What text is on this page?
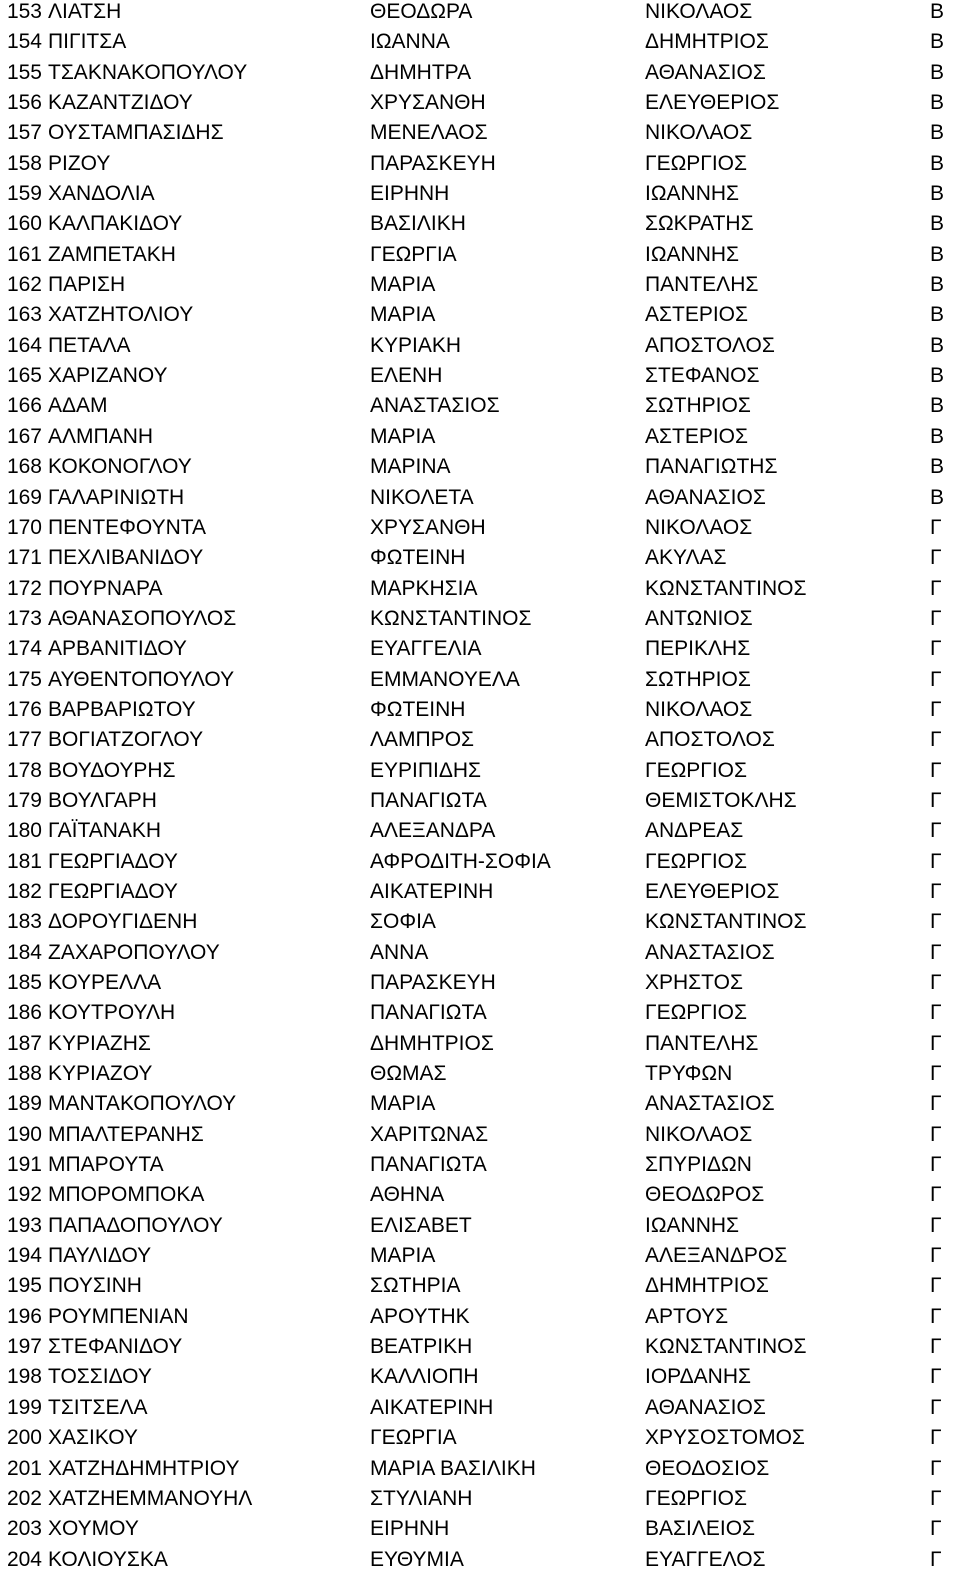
153 ΛΙΑΤΣΗ	ΘΕΟΔΩΡΑ	ΝΙΚΟΛΑΟΣ	Β
154 ΠΙΓΙΤΣΑ	ΙΩΑΝΝΑ	ΔΗΜΗΤΡΙΟΣ	Β
155 ΤΣΑΚΝΑΚΟΠΟΥΛΟΥ	ΔΗΜΗΤΡΑ	ΑΘΑΝΑΣΙΟΣ	Β
156 ΚΑΖΑΝΤΖΙΔΟΥ	ΧΡΥΣΑΝΘΗ	ΕΛΕΥΘΕΡΙΟΣ	Β
157 ΟΥΣΤΑΜΠΑΣΙΔΗΣ	ΜΕΝΕΛΑΟΣ	ΝΙΚΟΛΑΟΣ	Β
158 ΡΙΖΟΥ	ΠΑΡΑΣΚΕΥΗ	ΓΕΩΡΓΙΟΣ	Β
159 ΧΑΝΔΟΛΙΑ	ΕΙΡΗΝΗ	ΙΩΑΝΝΗΣ	Β
160 ΚΑΛΠΑΚΙΔΟΥ	ΒΑΣΙΛΙΚΗ	ΣΩΚΡΑΤΗΣ	Β
161 ΖΑΜΠΕΤΑΚΗ	ΓΕΩΡΓΙΑ	ΙΩΑΝΝΗΣ	Β
162 ΠΑΡΙΣΗ	ΜΑΡΙΑ	ΠΑΝΤΕΛΗΣ	Β
163 ΧΑΤΖΗΤΟΛΙΟΥ	ΜΑΡΙΑ	ΑΣΤΕΡΙΟΣ	Β
164 ΠΕΤΑΛΑ	ΚΥΡΙΑΚΗ	ΑΠΟΣΤΟΛΟΣ	Β
165 ΧΑΡΙΖΑΝΟΥ	ΕΛΕΝΗ	ΣΤΕΦΑΝΟΣ	Β
166 ΑΔΑΜ	ΑΝΑΣΤΑΣΙΟΣ	ΣΩΤΗΡΙΟΣ	Β
167 ΑΛΜΠΑΝΗ	ΜΑΡΙΑ	ΑΣΤΕΡΙΟΣ	Β
168 ΚΟΚΟΝΟΓΛΟΥ	ΜΑΡΙΝΑ	ΠΑΝΑΓΙΩΤΗΣ	Β
169 ΓΑΛΑΡΙΝΙΩΤΗ	ΝΙΚΟΛΕΤΑ	ΑΘΑΝΑΣΙΟΣ	Β
170 ΠΕΝΤΕΦΟΥΝΤΑ	ΧΡΥΣΑΝΘΗ	ΝΙΚΟΛΑΟΣ	Γ
171 ΠΕΧΛΙΒΑΝΙΔΟΥ	ΦΩΤΕΙΝΗ	ΑΚΥΛΑΣ	Γ
172 ΠΟΥΡΝΑΡΑ	ΜΑΡΚΗΣΙΑ	ΚΩΝΣΤΑΝΤΙΝΟΣ	Γ
173 ΑΘΑΝΑΣΟΠΟΥΛΟΣ	ΚΩΝΣΤΑΝΤΙΝΟΣ	ΑΝΤΩΝΙΟΣ	Γ
174 ΑΡΒΑΝΙΤΙΔΟΥ	ΕΥΑΓΓΕΛΙΑ	ΠΕΡΙΚΛΗΣ	Γ
175 ΑΥΘΕΝΤΟΠΟΥΛΟΥ	ΕΜΜΑΝΟΥΕΛΑ	ΣΩΤΗΡΙΟΣ	Γ
176 ΒΑΡΒΑΡΙΩΤΟΥ	ΦΩΤΕΙΝΗ	ΝΙΚΟΛΑΟΣ	Γ
177 ΒΟΓΙΑΤΖΟΓΛΟΥ	ΛΑΜΠΡΟΣ	ΑΠΟΣΤΟΛΟΣ	Γ
178 ΒΟΥΔΟΥΡΗΣ	ΕΥΡΙΠΙΔΗΣ	ΓΕΩΡΓΙΟΣ	Γ
179 ΒΟΥΛΓΑΡΗ	ΠΑΝΑΓΙΩΤΑ	ΘΕΜΙΣΤΟΚΛΗΣ	Γ
180 ΓΑΪΤΑΝΑΚΗ	ΑΛΕΞΑΝΔΡΑ	ΑΝΔΡΕΑΣ	Γ
181 ΓΕΩΡΓΙΑΔΟΥ	ΑΦΡΟΔΙΤΗ-ΣΟΦΙΑ	ΓΕΩΡΓΙΟΣ	Γ
182 ΓΕΩΡΓΙΑΔΟΥ	ΑΙΚΑΤΕΡΙΝΗ	ΕΛΕΥΘΕΡΙΟΣ	Γ
183 ΔΟΡΟΥΓΙΔΕΝΗ	ΣΟΦΙΑ	ΚΩΝΣΤΑΝΤΙΝΟΣ	Γ
184 ΖΑΧΑΡΟΠΟΥΛΟΥ	ΑΝΝΑ	ΑΝΑΣΤΑΣΙΟΣ	Γ
185 ΚΟΥΡΕΛΛΑ	ΠΑΡΑΣΚΕΥΗ	ΧΡΗΣΤΟΣ	Γ
186 ΚΟΥΤΡΟΥΛΗ	ΠΑΝΑΓΙΩΤΑ	ΓΕΩΡΓΙΟΣ	Γ
187 ΚΥΡΙΑΖΗΣ	ΔΗΜΗΤΡΙΟΣ	ΠΑΝΤΕΛΗΣ	Γ
188 ΚΥΡΙΑΖΟΥ	ΘΩΜΑΣ	ΤΡΥΦΩΝ	Γ
189 ΜΑΝΤΑΚΟΠΟΥΛΟΥ	ΜΑΡΙΑ	ΑΝΑΣΤΑΣΙΟΣ	Γ
190 ΜΠΑΛΤΕΡΑΝΗΣ	ΧΑΡΙΤΩΝΑΣ	ΝΙΚΟΛΑΟΣ	Γ
191 ΜΠΑΡΟΥΤΑ	ΠΑΝΑΓΙΩΤΑ	ΣΠΥΡΙΔΩΝ	Γ
192 ΜΠΟΡΟΜΠΟΚΑ	ΑΘΗΝΑ	ΘΕΟΔΩΡΟΣ	Γ
193 ΠΑΠΑΔΟΠΟΥΛΟΥ	ΕΛΙΣΑΒΕΤ	ΙΩΑΝΝΗΣ	Γ
194 ΠΑΥΛΙΔΟΥ	ΜΑΡΙΑ	ΑΛΕΞΑΝΔΡΟΣ	Γ
195 ΠΟΥΣΙΝΗ	ΣΩΤΗΡΙΑ	ΔΗΜΗΤΡΙΟΣ	Γ
196 ΡΟΥΜΠΕΝΙΑΝ	ΑΡΟΥΤΗΚ	ΑΡΤΟΥΣ	Γ
197 ΣΤΕΦΑΝΙΔΟΥ	ΒΕΑΤΡΙΚΗ	ΚΩΝΣΤΑΝΤΙΝΟΣ	Γ
198 ΤΟΣΣΙΔΟΥ	ΚΑΛΛΙΟΠΗ	ΙΟΡΔΑΝΗΣ	Γ
199 ΤΣΙΤΣΕΛΑ	ΑΙΚΑΤΕΡΙΝΗ	ΑΘΑΝΑΣΙΟΣ	Γ
200 ΧΑΣΙΚΟΥ	ΓΕΩΡΓΙΑ	ΧΡΥΣΟΣΤΟΜΟΣ	Γ
201 ΧΑΤΖΗΔΗΜΗΤΡΙΟΥ	ΜΑΡΙΑ ΒΑΣΙΛΙΚΗ	ΘΕΟΔΟΣΙΟΣ	Γ
202 ΧΑΤΖΗΕΜΜΑΝΟΥΗΛ	ΣΤΥΛΙΑΝΗ	ΓΕΩΡΓΙΟΣ	Γ
203 ΧΟΥΜΟΥ	ΕΙΡΗΝΗ	ΒΑΣΙΛΕΙΟΣ	Γ
204 ΚΟΛΙΟΥΣΚΑ	ΕΥΘΥΜΙΑ	ΕΥΑΓΓΕΛΟΣ	Γ
